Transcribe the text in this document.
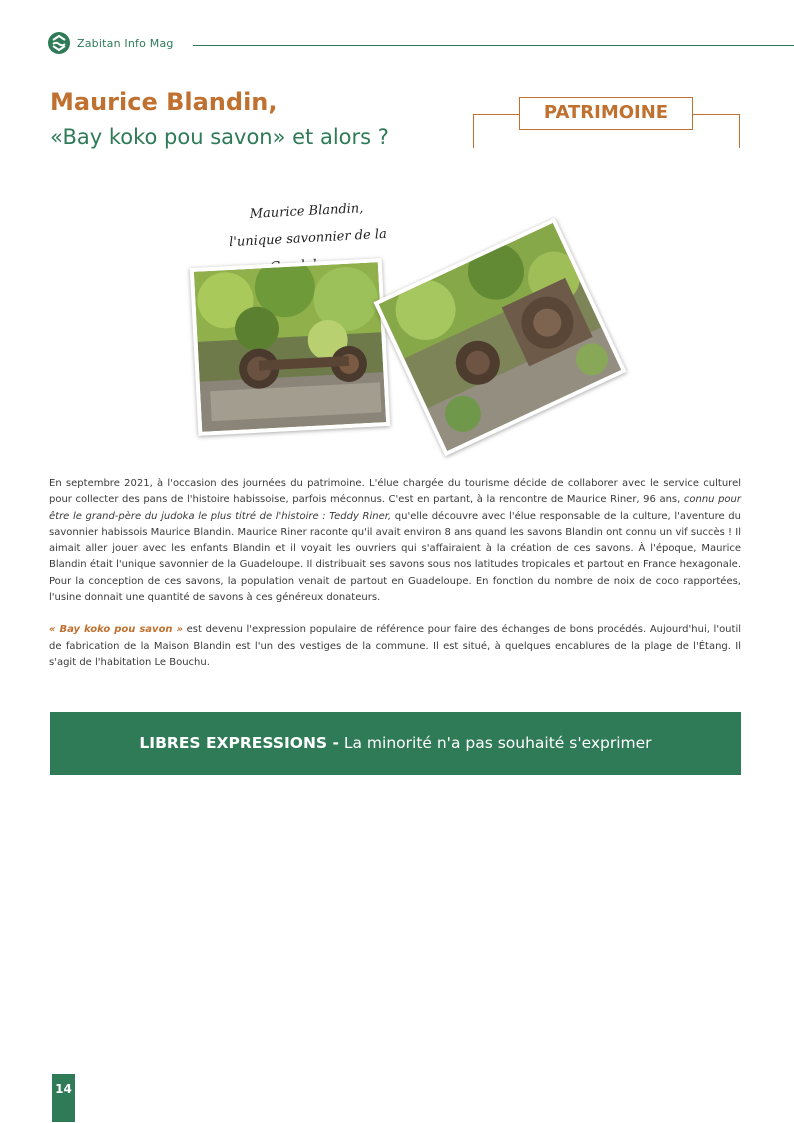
Zabitan Info Mag
Maurice Blandin,
«Bay koko pou savon» et alors ?
PATRIMOINE
Maurice Blandin,
l'unique savonnier de la

En septembre 2021, à l'occasion des journées du patrimoine. L'élue chargée du tourisme décide de collaborer avec le service culturel pour collecter des pans de l'histoire habissoise, parfois méconnus. C'est en partant, à la rencontre de Maurice Riner, 96 ans, connu pour être le grand-père du judoka le plus titré de l'histoire : Teddy Riner, qu'elle découvre avec l'élue responsable de la culture, l'aventure du savonnier habissois Maurice Blandin. Maurice Riner raconte qu'il avait environ 8 ans quand les savons Blandin ont connu un vif succès ! Il aimait aller jouer avec les enfants Blandin et il voyait les ouvriers qui s'affairaient à la création de ces savons. À l'époque, Maurice Blandin était l'unique savonnier de la Guadeloupe. Il distribuait ses savons sous nos latitudes tropicales et partout en France hexagonale. Pour la conception de ces savons, la population venait de partout en Guadeloupe. En fonction du nombre de noix de coco rapportées, l'usine donnait une quantité de savons à ces généreux donateurs.

« Bay koko pou savon » est devenu l'expression populaire de référence pour faire des échanges de bons procédés. Aujourd'hui, l'outil de fabrication de la Maison Blandin est l'un des vestiges de la commune. Il est situé, à quelques encablures de la plage de l'Étang. Il s'agit de l'habitation Le Bouchu.

LIBRES EXPRESSIONS - La minorité n'a pas souhaité s'exprimer
14
